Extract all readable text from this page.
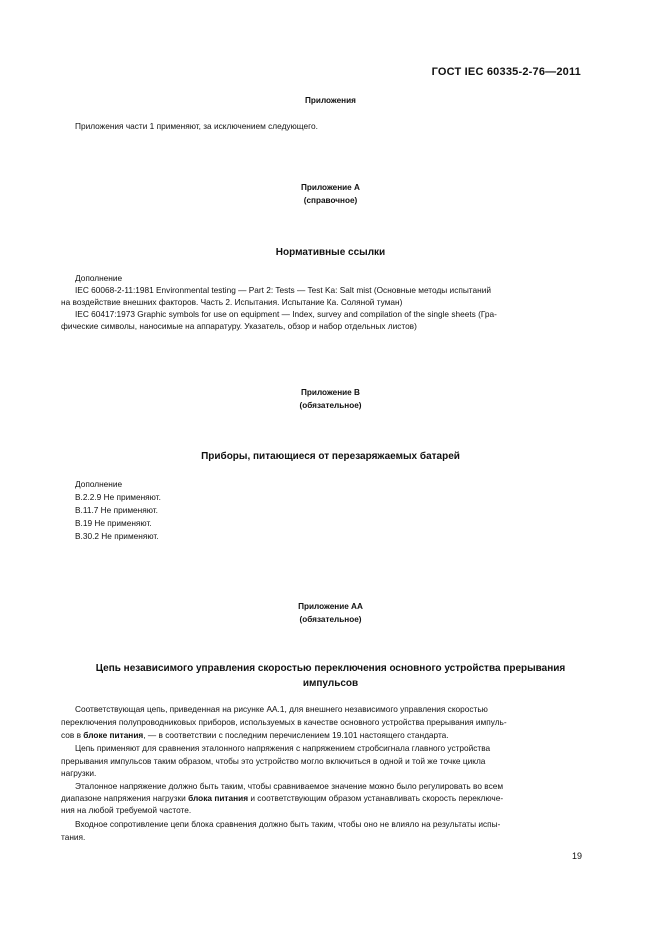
ГОСТ IEC 60335-2-76—2011
Приложения
Приложения части 1 применяют, за исключением следующего.
Приложение А
(справочное)
Нормативные ссылки
Дополнение
IEC 60068-2-11:1981 Environmental testing — Part 2: Tests — Test Ka: Salt mist (Основные методы испытаний
на воздействие внешних факторов. Часть 2. Испытания. Испытание Ка. Соляной туман)
IEC 60417:1973 Graphic symbols for use on equipment — Index, survey and compilation of the single sheets (Гра-
фические символы, наносимые на аппаратуру. Указатель, обзор и набор отдельных листов)
Приложение В
(обязательное)
Приборы, питающиеся от перезаряжаемых батарей
Дополнение
В.2.2.9 Не применяют.
В.11.7 Не применяют.
В.19 Не применяют.
В.30.2 Не применяют.
Приложение АА
(обязательное)
Цепь независимого управления скоростью переключения основного устройства прерывания
импульсов
Соответствующая цепь, приведенная на рисунке АА.1, для внешнего независимого управления скоростью
переключения полупроводниковых приборов, используемых в качестве основного устройства прерывания импуль-
сов в блоке питания, — в соответствии с последним перечислением 19.101 настоящего стандарта.
Цепь применяют для сравнения эталонного напряжения с напряжением стробсигнала главного устройства
прерывания импульсов таким образом, чтобы это устройство могло включиться в одной и той же точке цикла
нагрузки.
Эталонное напряжение должно быть таким, чтобы сравниваемое значение можно было регулировать во всем
диапазоне напряжения нагрузки блока питания и соответствующим образом устанавливать скорость переключе-
ния на любой требуемой частоте.
Входное сопротивление цепи блока сравнения должно быть таким, чтобы оно не влияло на результаты испы-
тания.
19
